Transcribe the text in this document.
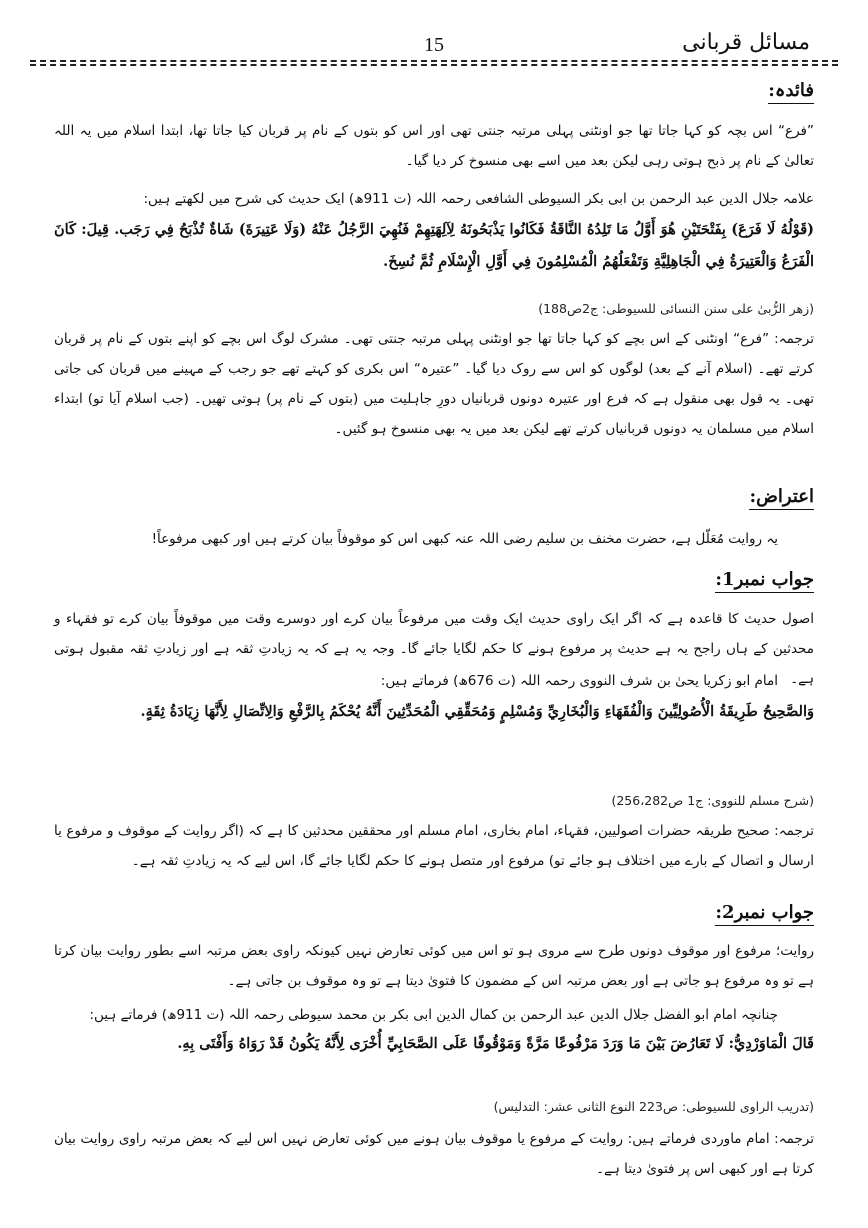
مسائل قربانی
15
فائدہ:
”فرع“ اس بچہ کو کہا جاتا تھا جو اونٹنی پہلی مرتبہ جنتی تھی اور اس کو بتوں کے نام پر قربان کیا جاتا تھا، ابتدا اسلام میں یہ اللہ تعالیٰ کے نام پر ذبح ہوتی رہی لیکن بعد میں اسے بھی منسوخ کر دیا گیا۔
علامہ جلال الدین عبد الرحمن بن ابی بکر السیوطی الشافعی رحمہ اللہ (ت 911ھ) ایک حدیث کی شرح میں لکھتے ہیں:
(قَوْلُهُ لَا فَرَعَ) بِفَتْحَتَيْنِ هُوَ أَوَّلُ مَا تَلِدُهُ النَّاقَةُ فَكَانُوا يَذْبَحُونَهُ لِآلِهَتِهِمْ فَنُهِيَ الرَّجُلُ عَنْهُ (وَلَا عَتِيرَةَ) شَاةٌ تُذْبَحُ فِي رَجَب. قِيلَ: كَانَ الْفَرَعُ وَالْعَتِيرَةُ فِي الْجَاهِلِيَّةِ وَتَفْعَلُهُمُ الْمُسْلِمُونَ فِي أَوَّلِ الْإِسْلَامِ ثُمَّ نُسِخَ.
(زھر الرُّبیٰ علی سنن النسائی للسیوطی: ج2ص188)
ترجمہ: ”فرع“ اونٹنی کے اس بچے کو کہا جاتا تھا جو اونٹنی پہلی مرتبہ جنتی تھی۔ مشرک لوگ اس بچے کو اپنے بتوں کے نام پر قربان کرتے تھے۔ (اسلام آنے کے بعد) لوگوں کو اس سے روک دیا گیا۔ ”عتیرہ“ اس بکری کو کہتے تھے جو رجب کے مہینے میں قربان کی جاتی تھی۔ یہ قول بھی منقول ہے کہ فرع اور عتیرہ دونوں قربانیاں دورِ جاہلیت میں (بتوں کے نام پر) ہوتی تھیں۔ (جب اسلام آیا تو) ابتداء اسلام میں مسلمان یہ دونوں قربانیاں کرتے تھے لیکن بعد میں یہ بھی منسوخ ہو گئیں۔
اعتراض:
یہ روایت مُعَلّل ہے، حضرت مخنف بن سلیم رضی اللہ عنہ کبھی اس کو موقوفاً بیان کرتے ہیں اور کبھی مرفوعاً!
جواب نمبر1:
اصول حدیث کا قاعدہ ہے کہ اگر ایک راوی حدیث ایک وقت میں مرفوعاً بیان کرے اور دوسرے وقت میں موقوفاً بیان کرے تو فقہاء و محدثین کے ہاں راجح یہ ہے حدیث پر مرفوع ہونے کا حکم لگایا جائے گا۔ وجہ یہ ہے کہ یہ زیادتِ ثقہ ہے اور زیادتِ ثقہ مقبول ہوتی ہے۔
امام ابو زکریا یحیٰ بن شرف النووی رحمہ اللہ (ت 676ھ) فرماتے ہیں:
وَالصَّحِيحُ طَرِيقَةُ الْأُصُولِيِّينَ وَالْفُقَهَاءِ وَالْبُخَارِيِّ وَمُسْلِمٍ وَمُحَقِّقِي الْمُحَدِّثِينَ أَنَّهُ يُحْكَمُ بِالرَّفْعِ وَالِاتِّصَالِ لِأَنَّهَا زِيَادَةُ ثِقَةٍ.
(شرح مسلم للنووی: ج1 ص256،282)
ترجمہ: صحیح طریقہ حضرات اصولیین، فقہاء، امام بخاری، امام مسلم اور محققین محدثین کا ہے کہ (اگر روایت کے موقوف و مرفوع یا ارسال و اتصال کے بارے میں اختلاف ہو جائے تو) مرفوع اور متصل ہونے کا حکم لگایا جائے گا، اس لیے کہ یہ زیادتِ ثقہ ہے۔
جواب نمبر2:
روایت؛ مرفوع اور موقوف دونوں طرح سے مروی ہو تو اس میں کوئی تعارض نہیں کیونکہ راوی بعض مرتبہ اسے بطور روایت بیان کرتا ہے تو وہ مرفوع ہو جاتی ہے اور بعض مرتبہ اس کے مضمون کا فتویٰ دیتا ہے تو وہ موقوف بن جاتی ہے۔
چنانچہ امام ابو الفضل جلال الدین عبد الرحمن بن کمال الدین ابی بکر بن محمد سیوطی رحمہ اللہ (ت 911ھ) فرماتے ہیں:
قَالَ الْمَاوَرْدِيُّ: لَا تَعَارُضَ بَيْنَ مَا وَرَدَ مَرْفُوعًا مَرَّةً وَمَوْقُوفًا عَلَى الصَّحَابِيِّ أُخْرَى لِأَنَّهُ يَكُونُ قَدْ رَوَاهُ وَأَفْتَى بِهِ.
(تدریب الراوی للسیوطی: ص223 النوع الثانی عشر: التدلیس)
ترجمہ: امام ماوردی فرماتے ہیں: روایت کے مرفوع یا موقوف بیان ہونے میں کوئی تعارض نہیں اس لیے کہ بعض مرتبہ راوی روایت بیان کرتا ہے اور کبھی اس پر فتویٰ دیتا ہے۔
